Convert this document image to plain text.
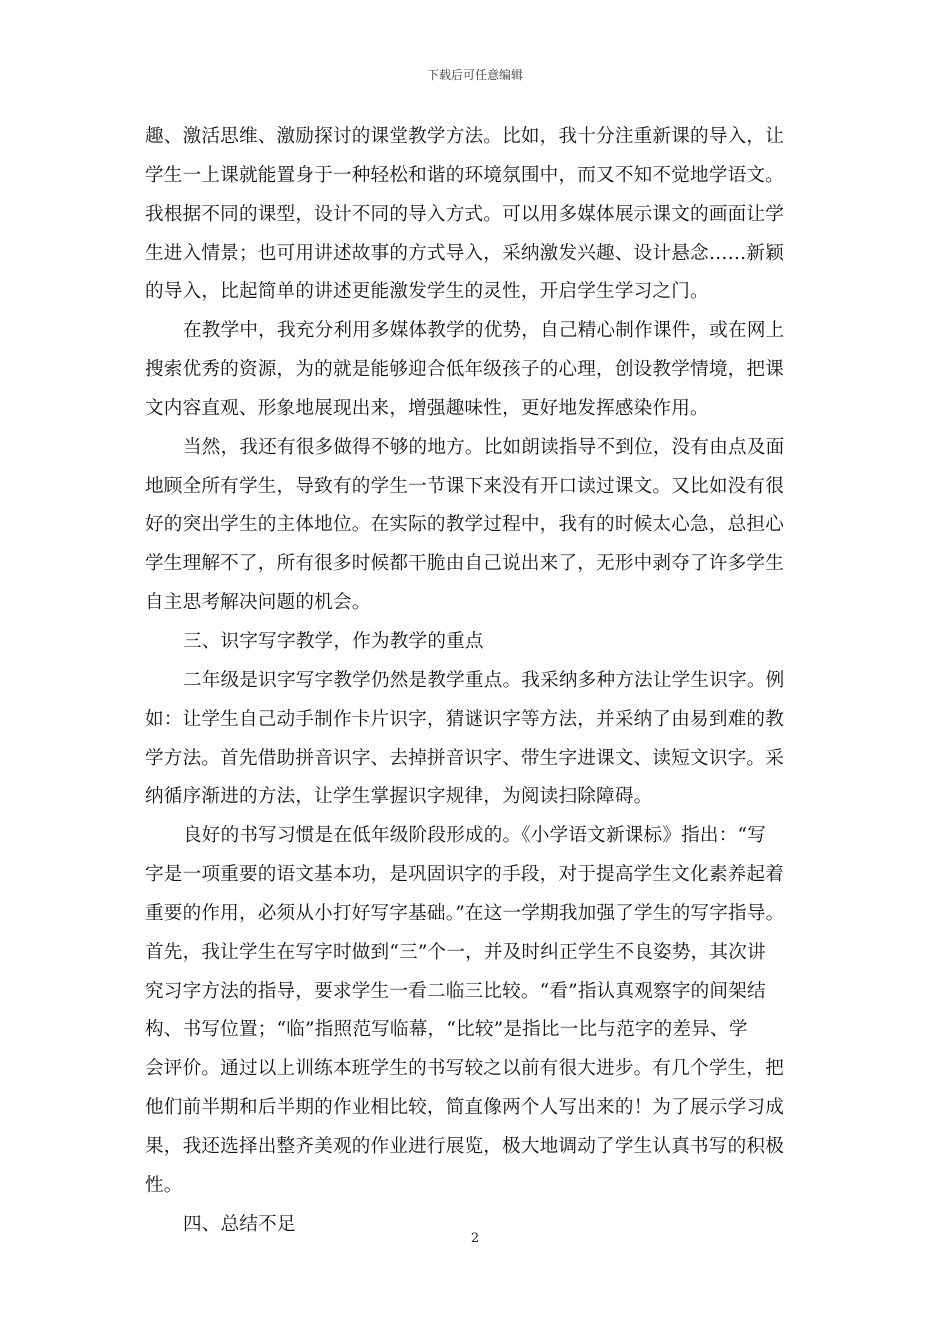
下载后可任意编辑
趣、激活思维、激励探讨的课堂教学方法。比如，我十分注重新课的导入，让
学生一上课就能置身于一种轻松和谐的环境氛围中，而又不知不觉地学语文。
我根据不同的课型，设计不同的导入方式。可以用多媒体展示课文的画面让学
生进入情景；也可用讲述故事的方式导入，采纳激发兴趣、设计悬念……新颖
的导入，比起简单的讲述更能激发学生的灵性，开启学生学习之门。
在教学中，我充分利用多媒体教学的优势，自己精心制作课件，或在网上
搜索优秀的资源，为的就是能够迎合低年级孩子的心理，创设教学情境，把课
文内容直观、形象地展现出来，增强趣味性，更好地发挥感染作用。
当然，我还有很多做得不够的地方。比如朗读指导不到位，没有由点及面
地顾全所有学生，导致有的学生一节课下来没有开口读过课文。又比如没有很
好的突出学生的主体地位。在实际的教学过程中，我有的时候太心急，总担心
学生理解不了，所有很多时候都干脆由自己说出来了，无形中剥夺了许多学生
自主思考解决问题的机会。
三、识字写字教学，作为教学的重点
二年级是识字写字教学仍然是教学重点。我采纳多种方法让学生识字。例
如：让学生自己动手制作卡片识字，猜谜识字等方法，并采纳了由易到难的教
学方法。首先借助拼音识字、去掉拼音识字、带生字进课文、读短文识字。采
纳循序渐进的方法，让学生掌握识字规律，为阅读扫除障碍。
良好的书写习惯是在低年级阶段形成的。《小学语文新课标》指出：“写
字是一项重要的语文基本功，是巩固识字的手段，对于提高学生文化素养起着
重要的作用，必须从小打好写字基础。”在这一学期我加强了学生的写字指导。
首先，我让学生在写字时做到“三”个一，并及时纠正学生不良姿势，其次讲
究习字方法的指导，要求学生一看二临三比较。“看”指认真观察字的间架结
构、书写位置；“临”指照范写临幕，“比较”是指比一比与范字的差异、学
会评价。通过以上训练本班学生的书写较之以前有很大进步。有几个学生，把
他们前半期和后半期的作业相比较，简直像两个人写出来的！为了展示学习成
果，我还选择出整齐美观的作业进行展览，极大地调动了学生认真书写的积极
性。
四、总结不足
2
